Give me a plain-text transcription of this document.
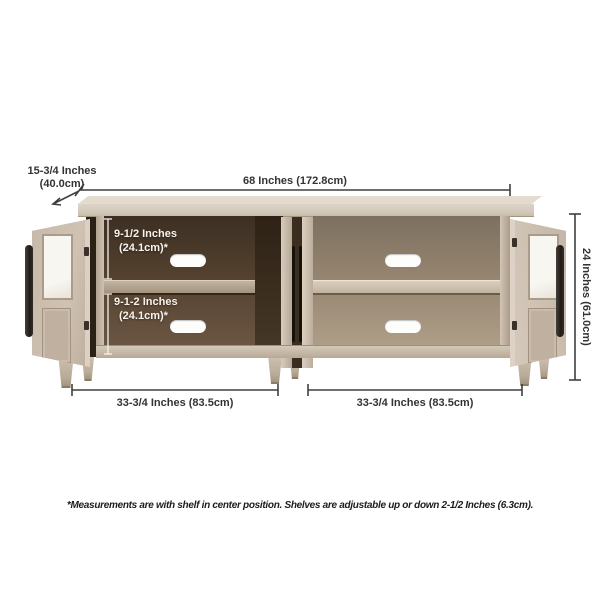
15-3/4 Inches
(40.0cm)	68 Inches (172.8cm)
24 Inches (61.0cm)
9-1/2 Inches
(24.1cm)*
9-1-2 Inches
(24.1cm)*
33-3/4 Inches (83.5cm)	33-3/4 Inches (83.5cm)
*Measurements are with shelf in center position. Shelves are adjustable up or down 2-1/2 Inches (6.3cm).
